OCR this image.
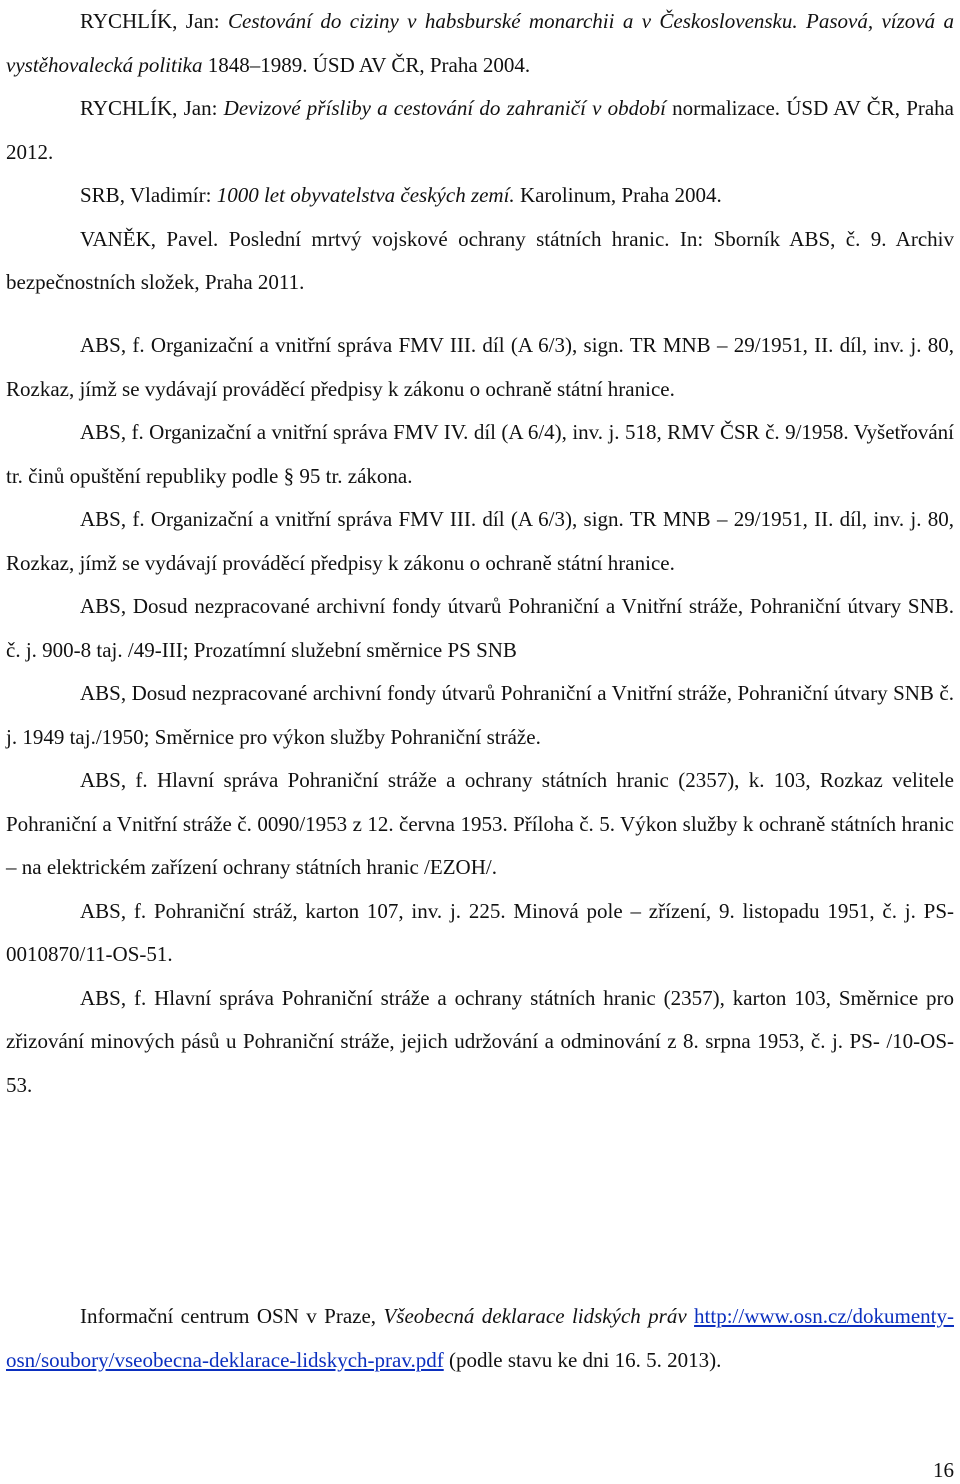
RYCHLÍK, Jan: Cestování do ciziny v habsburské monarchii a v Československu. Pasová, vízová a vystěhovalecká politika 1848–1989. ÚSD AV ČR, Praha 2004.

RYCHLÍK, Jan: Devizové přísliby a cestování do zahraničí v období normalizace. ÚSD AV ČR, Praha 2012.

SRB, Vladimír: 1000 let obyvatelstva českých zemí. Karolinum, Praha 2004.

VANĚK, Pavel. Poslední mrtvý vojskové ochrany státních hranic. In: Sborník ABS, č. 9. Archiv bezpečnostních složek, Praha 2011.

ABS, f. Organizační a vnitřní správa FMV III. díl (A 6/3), sign. TR MNB – 29/1951, II. díl, inv. j. 80, Rozkaz, jímž se vydávají prováděcí předpisy k zákonu o ochraně státní hranice.

ABS, f. Organizační a vnitřní správa FMV IV. díl (A 6/4), inv. j. 518, RMV ČSR č. 9/1958. Vyšetřování tr. činů opuštění republiky podle § 95 tr. zákona.

ABS, f. Organizační a vnitřní správa FMV III. díl (A 6/3), sign. TR MNB – 29/1951, II. díl, inv. j. 80, Rozkaz, jímž se vydávají prováděcí předpisy k zákonu o ochraně státní hranice.

ABS, Dosud nezpracované archivní fondy útvarů Pohraniční a Vnitřní stráže, Pohraniční útvary SNB. č. j. 900-8 taj. /49-III; Prozatímní služební směrnice PS SNB

ABS, Dosud nezpracované archivní fondy útvarů Pohraniční a Vnitřní stráže, Pohraniční útvary SNB č. j. 1949 taj./1950; Směrnice pro výkon služby Pohraniční stráže.

ABS, f. Hlavní správa Pohraniční stráže a ochrany státních hranic (2357), k. 103, Rozkaz velitele Pohraniční a Vnitřní stráže č. 0090/1953 z 12. června 1953. Příloha č. 5. Výkon služby k ochraně státních hranic – na elektrickém zařízení ochrany státních hranic /EZOH/.

ABS, f. Pohraniční stráž, karton 107, inv. j. 225. Minová pole – zřízení, 9. listopadu 1951, č. j. PS-0010870/11-OS-51.

ABS, f. Hlavní správa Pohraniční stráže a ochrany státních hranic (2357), karton 103, Směrnice pro zřizování minových pásů u Pohraniční stráže, jejich udržování a odminování z 8. srpna 1953, č. j. PS- /10-OS-53.

Informační centrum OSN v Praze, Všeobecná deklarace lidských práv http://www.osn.cz/dokumenty-osn/soubory/vseobecna-deklarace-lidskych-prav.pdf (podle stavu ke dni 16. 5. 2013).

16
